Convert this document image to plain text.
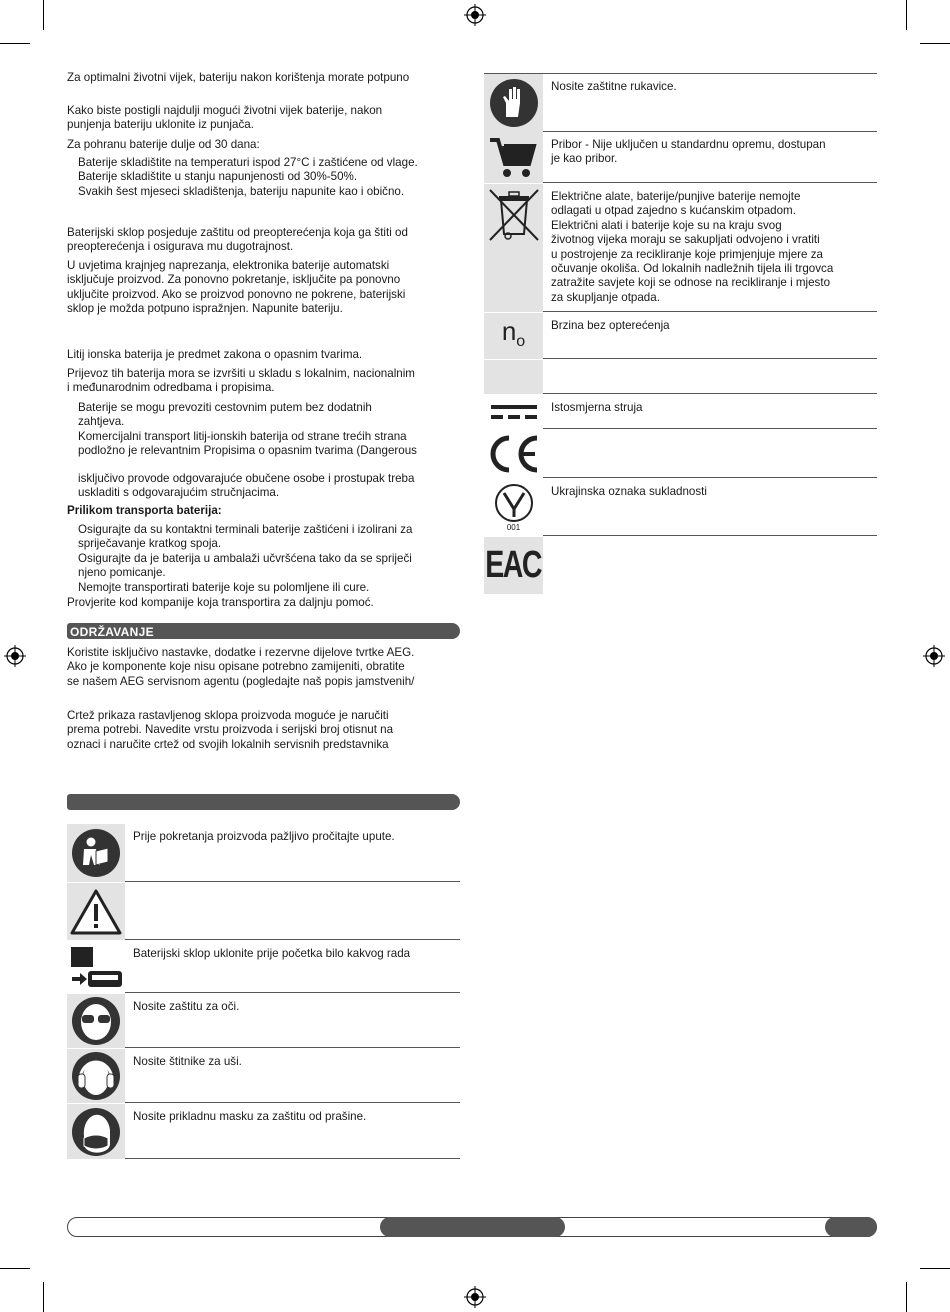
Za optimalni životni vijek, bateriju nakon korištenja morate potpuno

Kako biste postigli najdulji mogući životni vijek baterije, nakon
punjenja bateriju uklonite iz punjača.

Za pohranu baterije dulje od 30 dana:

Baterije skladištite na temperaturi ispod 27°C i zaštićene od vlage.
Baterije skladištite u stanju napunjenosti od 30%-50%.
Svakih šest mjeseci skladištenja, bateriju napunite kao i obično.

Baterijski sklop posjeduje zaštitu od preopterećenja koja ga štiti od
preopterećenja i osigurava mu dugotrajnost.

U uvjetima krajnjeg naprezanja, elektronika baterije automatski
isključuje proizvod. Za ponovno pokretanje, isključite pa ponovno
uključite proizvod. Ako se proizvod ponovno ne pokrene, baterijski
sklop je možda potpuno ispražnjen. Napunite bateriju.

Litij ionska baterija je predmet zakona o opasnim tvarima.

Prijevoz tih baterija mora se izvršiti u skladu s lokalnim, nacionalnim
i međunarodnim odredbama i propisima.

Baterije se mogu prevoziti cestovnim putem bez dodatnih
zahtjeva.
Komercijalni transport litij-ionskih baterija od strane trećih strana
podložno je relevantnim Propisima o opasnim tvarima (Dangerous

isključivo provode odgovarajuće obučene osobe i prostupak treba
uskladiti s odgovarajućim stručnjacima.

Prilikom transporta baterija:

Osigurajte da su kontaktni terminali baterije zaštićeni i izolirani za
spriječavanje kratkog spoja.
Osigurajte da je baterija u ambalaži učvršćena tako da se spriječi
njeno pomicanje.
Nemojte transportirati baterije koje su polomljene ili cure.

Provjerite kod kompanije koja transportira za daljnju pomoć.

ODRŽAVANJE

Koristite isključivo nastavke, dodatke i rezervne dijelove tvrtke AEG.
Ako je komponente koje nisu opisane potrebno zamijeniti, obratite
se našem AEG servisnom agentu (pogledajte naš popis jamstvenih/

Crtež prikaza rastavljenog sklopa proizvoda moguće je naručiti
prema potrebi. Navedite vrstu proizvoda i serijski broj otisnut na
oznaci i naručite crtež od svojih lokalnih servisnih predstavnika

Prije pokretanja proizvoda pažljivo pročitajte upute.
Baterijski sklop uklonite prije početka bilo kakvog rada
Nosite zaštitu za oči.
Nosite štitnike za uši.
Nosite prikladnu masku za zaštitu od prašine.
Nosite zaštitne rukavice.
Pribor - Nije uključen u standardnu opremu, dostupan
je kao pribor.
Električne alate, baterije/punjive baterije nemojte
odlagati u otpad zajedno s kućanskim otpadom.
Električni alati i baterije koje su na kraju svog
životnog vijeka moraju se sakupljati odvojeno i vratiti
u postrojenje za recikliranje koje primjenjuje mjere za
očuvanje okoliša. Od lokalnih nadležnih tijela ili trgovca
zatražite savjete koji se odnose na recikliranje i mjesto
za skupljanje otpada.
$n_o$
Brzina bez opterećenja
Istosmjerna struja
001
Ukrajinska oznaka sukladnosti
EAC
